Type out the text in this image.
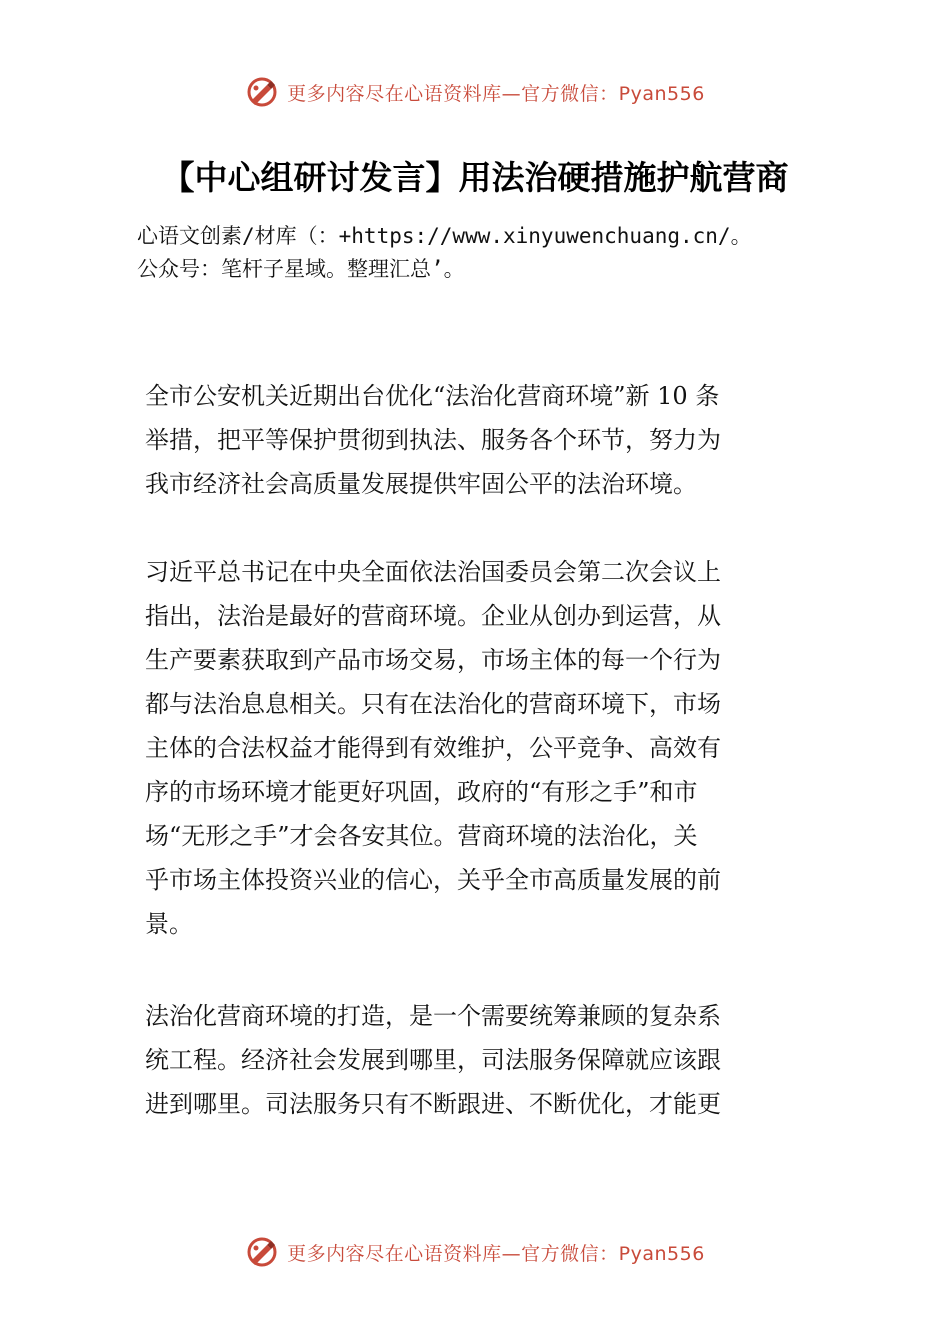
更多内容尽在心语资料库—官方微信：Pyan556
【中心组研讨发言】用法治硬措施护航营商
心语文创素/材库（：+https://www.xinyuwenchuang.cn/。
公众号：笔杆子星域。整理汇总’。
全市公安机关近期出台优化“法治化营商环境”新 10 条
举措，把平等保护贯彻到执法、服务各个环节，努力为
我市经济社会高质量发展提供牢固公平的法治环境。
习近平总书记在中央全面依法治国委员会第二次会议上
指出，法治是最好的营商环境。企业从创办到运营，从
生产要素获取到产品市场交易，市场主体的每一个行为
都与法治息息相关。只有在法治化的营商环境下，市场
主体的合法权益才能得到有效维护，公平竞争、高效有
序的市场环境才能更好巩固，政府的“有形之手”和市
场“无形之手”才会各安其位。营商环境的法治化，关
乎市场主体投资兴业的信心，关乎全市高质量发展的前
景。
法治化营商环境的打造，是一个需要统筹兼顾的复杂系
统工程。经济社会发展到哪里，司法服务保障就应该跟
进到哪里。司法服务只有不断跟进、不断优化，才能更
更多内容尽在心语资料库—官方微信：Pyan556
